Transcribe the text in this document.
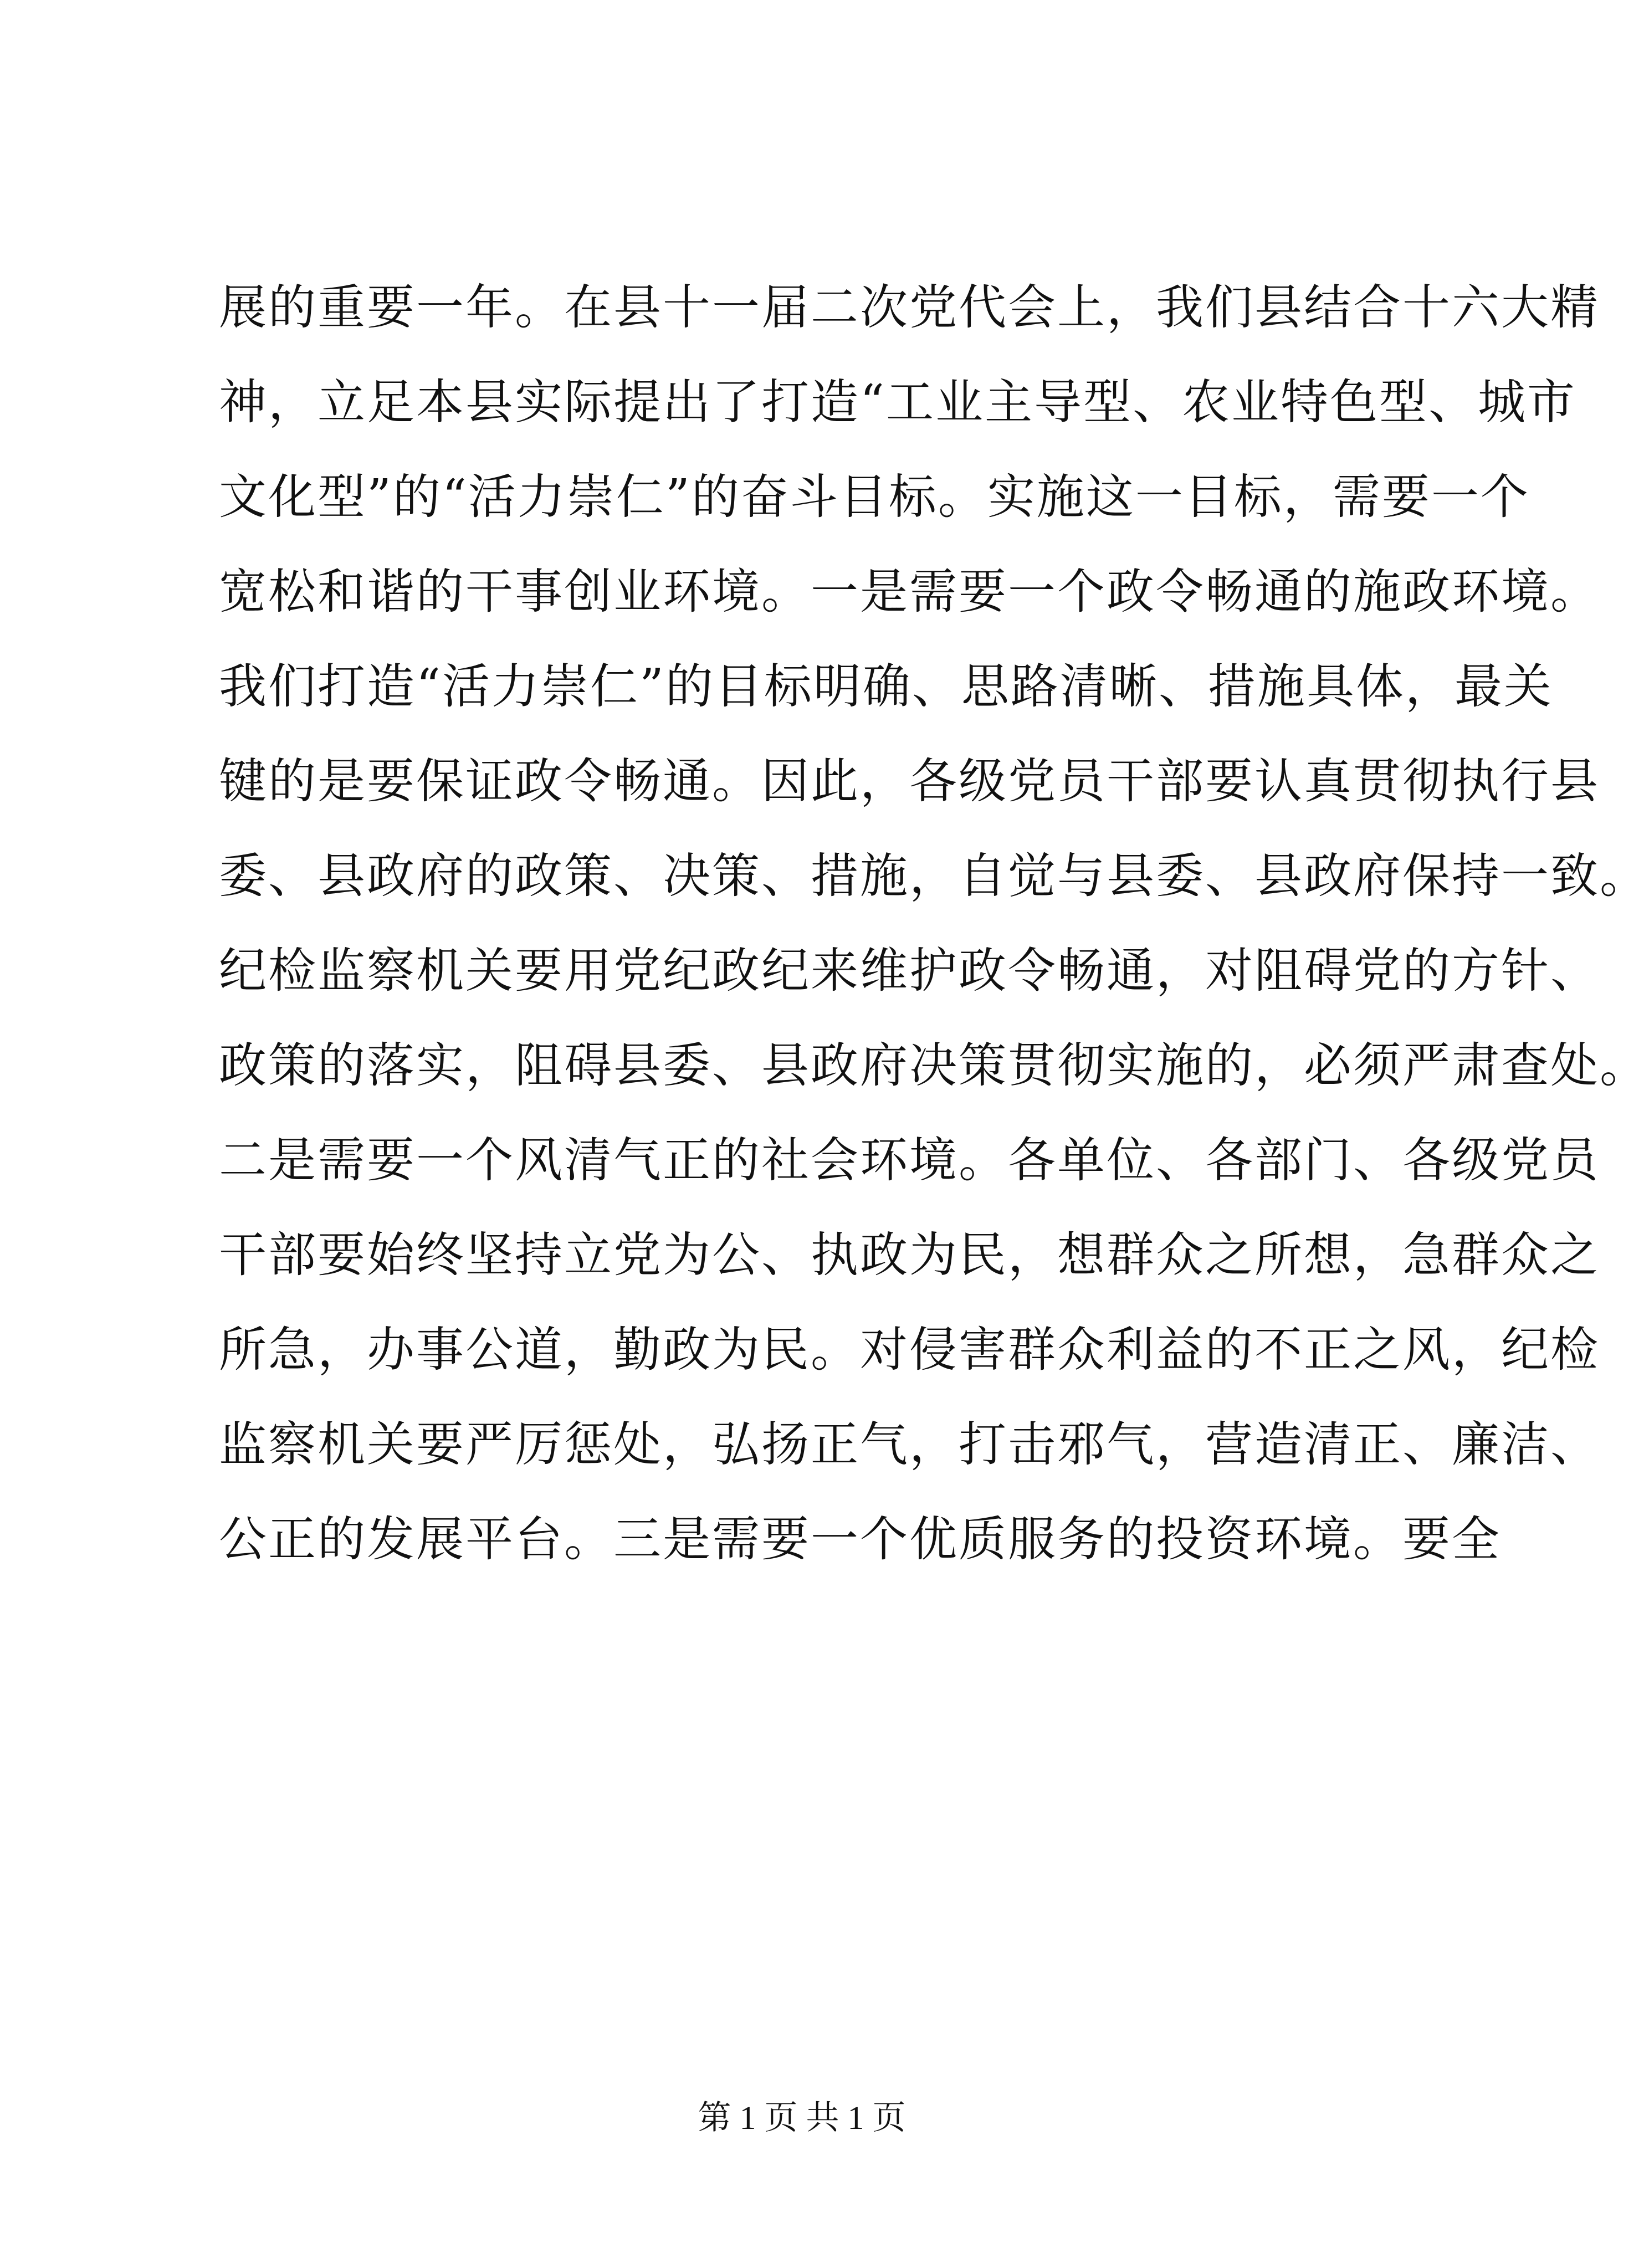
展的重要一年。在县十一届二次党代会上，我们县结合十六大精
神，立足本县实际提出了打造“工业主导型、农业特色型、城市
文化型”的“活力崇仁”的奋斗目标。实施这一目标，需要一个
宽松和谐的干事创业环境。一是需要一个政令畅通的施政环境。
我们打造“活力崇仁”的目标明确、思路清晰、措施具体，最关
键的是要保证政令畅通。因此，各级党员干部要认真贯彻执行县
委、县政府的政策、决策、措施，自觉与县委、县政府保持一致。
纪检监察机关要用党纪政纪来维护政令畅通，对阻碍党的方针、
政策的落实，阻碍县委、县政府决策贯彻实施的，必须严肃查处。
二是需要一个风清气正的社会环境。各单位、各部门、各级党员
干部要始终坚持立党为公、执政为民，想群众之所想，急群众之
所急，办事公道，勤政为民。对侵害群众利益的不正之风，纪检
监察机关要严厉惩处，弘扬正气，打击邪气，营造清正、廉洁、
公正的发展平台。三是需要一个优质服务的投资环境。要全
第 1 页 共 1 页
